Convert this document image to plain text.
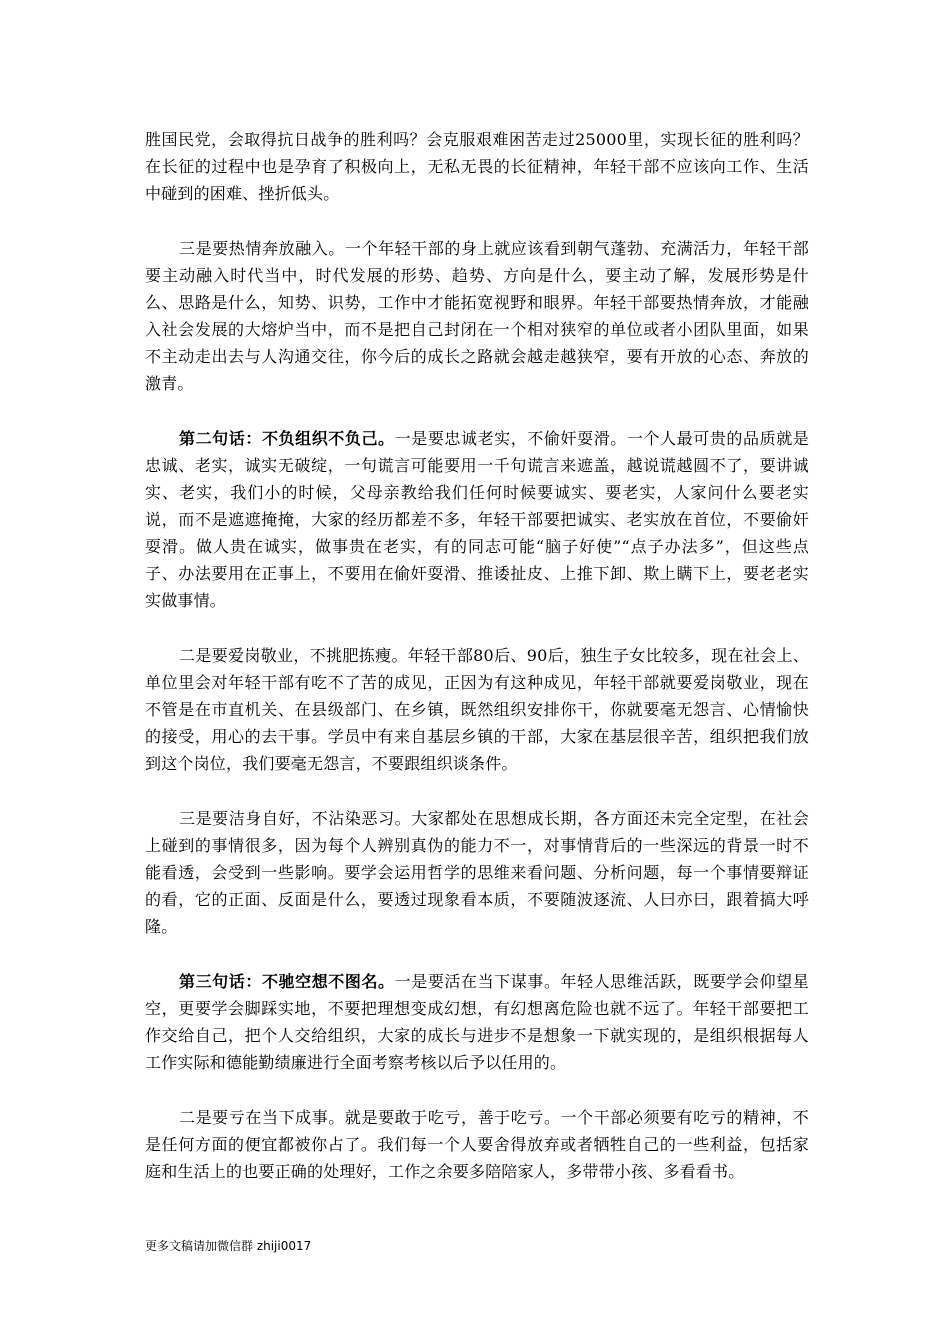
胜国民党，会取得抗日战争的胜利吗？会克服艰难困苦走过25000里，实现长征的胜利吗？在长征的过程中也是孕育了积极向上，无私无畏的长征精神，年轻干部不应该向工作、生活中碰到的困难、挫折低头。

三是要热情奔放融入。一个年轻干部的身上就应该看到朝气蓬勃、充满活力，年轻干部要主动融入时代当中，时代发展的形势、趋势、方向是什么，要主动了解，发展形势是什么、思路是什么，知势、识势，工作中才能拓宽视野和眼界。年轻干部要热情奔放，才能融入社会发展的大熔炉当中，而不是把自己封闭在一个相对狭窄的单位或者小团队里面，如果不主动走出去与人沟通交往，你今后的成长之路就会越走越狭窄，要有开放的心态、奔放的激青。

第二句话：不负组织不负己。一是要忠诚老实，不偷奸耍滑。一个人最可贵的品质就是忠诚、老实，诚实无破绽，一句谎言可能要用一千句谎言来遮盖，越说谎越圆不了，要讲诚实、老实，我们小的时候，父母亲教给我们任何时候要诚实、要老实，人家问什么要老实说，而不是遮遮掩掩，大家的经历都差不多，年轻干部要把诚实、老实放在首位，不要偷奸耍滑。做人贵在诚实，做事贵在老实，有的同志可能“脑子好使”“点子办法多”，但这些点子、办法要用在正事上，不要用在偷奸耍滑、推诿扯皮、上推下卸、欺上瞒下上，要老老实实做事情。

二是要爱岗敬业，不挑肥拣瘦。年轻干部80后、90后，独生子女比较多，现在社会上、单位里会对年轻干部有吃不了苦的成见，正因为有这种成见，年轻干部就要爱岗敬业，现在不管是在市直机关、在县级部门、在乡镇，既然组织安排你干，你就要毫无怨言、心情愉快的接受，用心的去干事。学员中有来自基层乡镇的干部，大家在基层很辛苦，组织把我们放到这个岗位，我们要毫无怨言，不要跟组织谈条件。

三是要洁身自好，不沾染恶习。大家都处在思想成长期，各方面还未完全定型，在社会上碰到的事情很多，因为每个人辨别真伪的能力不一，对事情背后的一些深远的背景一时不能看透，会受到一些影响。要学会运用哲学的思维来看问题、分析问题，每一个事情要辩证的看，它的正面、反面是什么，要透过现象看本质，不要随波逐流、人曰亦曰，跟着搞大呼隆。

第三句话：不驰空想不图名。一是要活在当下谋事。年轻人思维活跃，既要学会仰望星空，更要学会脚踩实地，不要把理想变成幻想，有幻想离危险也就不远了。年轻干部要把工作交给自己，把个人交给组织，大家的成长与进步不是想象一下就实现的，是组织根据每人工作实际和德能勤绩廉进行全面考察考核以后予以任用的。

二是要亏在当下成事。就是要敢于吃亏，善于吃亏。一个干部必须要有吃亏的精神，不是任何方面的便宜都被你占了。我们每一个人要舍得放弃或者牺牲自己的一些利益，包括家庭和生活上的也要正确的处理好，工作之余要多陪陪家人，多带带小孩、多看看书。

更多文稿请加微信群 zhiji0017
